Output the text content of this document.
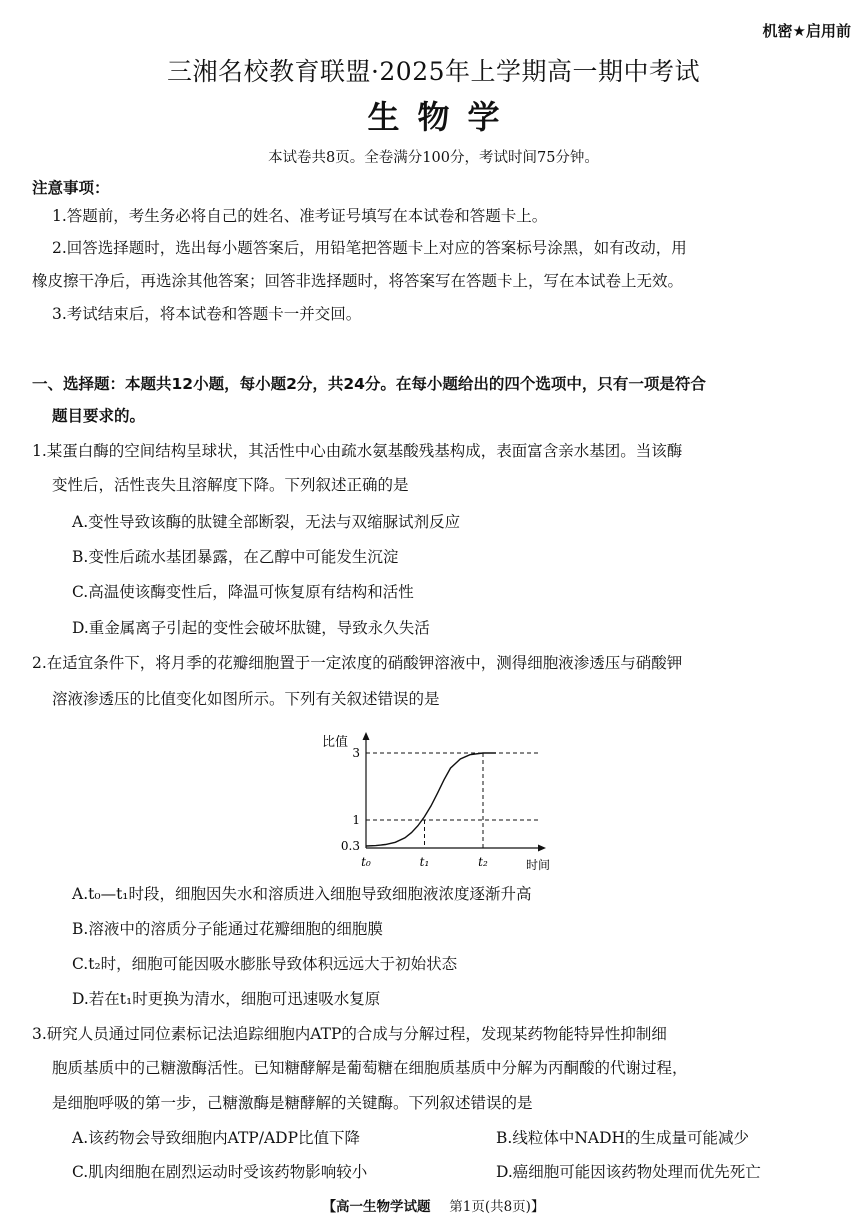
机密★启用前
三湘名校教育联盟·2025年上学期高一期中考试
生物学
本试卷共8页。全卷满分100分，考试时间75分钟。
注意事项：
1.答题前，考生务必将自己的姓名、准考证号填写在本试卷和答题卡上。
2.回答选择题时，选出每小题答案后，用铅笔把答题卡上对应的答案标号涂黑，如有改动，用
橡皮擦干净后，再选涂其他答案；回答非选择题时，将答案写在答题卡上，写在本试卷上无效。
3.考试结束后，将本试卷和答题卡一并交回。
一、选择题：本题共12小题，每小题2分，共24分。在每小题给出的四个选项中，只有一项是符合
题目要求的。
1.某蛋白酶的空间结构呈球状，其活性中心由疏水氨基酸残基构成，表面富含亲水基团。当该酶
变性后，活性丧失且溶解度下降。下列叙述正确的是
A.变性导致该酶的肽键全部断裂，无法与双缩脲试剂反应
B.变性后疏水基团暴露，在乙醇中可能发生沉淀
C.高温使该酶变性后，降温可恢复原有结构和活性
D.重金属离子引起的变性会破坏肽键，导致永久失活
2.在适宜条件下，将月季的花瓣细胞置于一定浓度的硝酸钾溶液中，测得细胞液渗透压与硝酸钾
溶液渗透压的比值变化如图所示。下列有关叙述错误的是
比值
时间
0.3
1
3
t₀	t₁	t₂
A.t₀—t₁时段，细胞因失水和溶质进入细胞导致细胞液浓度逐渐升高
B.溶液中的溶质分子能通过花瓣细胞的细胞膜
C.t₂时，细胞可能因吸水膨胀导致体积远远大于初始状态
D.若在t₁时更换为清水，细胞可迅速吸水复原
3.研究人员通过同位素标记法追踪细胞内ATP的合成与分解过程，发现某药物能特异性抑制细
胞质基质中的己糖激酶活性。已知糖酵解是葡萄糖在细胞质基质中分解为丙酮酸的代谢过程，
是细胞呼吸的第一步，己糖激酶是糖酵解的关键酶。下列叙述错误的是
A.该药物会导致细胞内ATP/ADP比值下降	B.线粒体中NADH的生成量可能减少
C.肌肉细胞在剧烈运动时受该药物影响较小	D.癌细胞可能因该药物处理而优先死亡
【高一生物学试题 第1页(共8页)】
